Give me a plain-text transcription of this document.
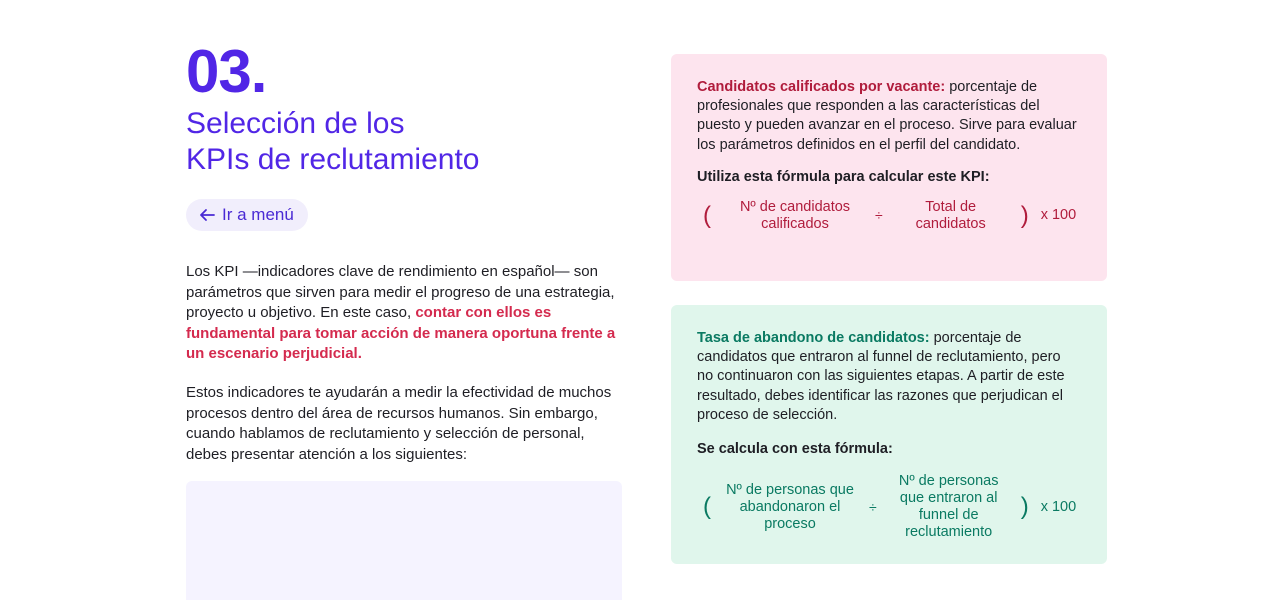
03.
Selección de los
KPIs de reclutamiento
Ir a menú

Los KPI —indicadores clave de rendimiento en español— son parámetros que sirven para medir el progreso de una estrategia, proyecto u objetivo. En este caso, contar con ellos es fundamental para tomar acción de manera oportuna frente a un escenario perjudicial.

Estos indicadores te ayudarán a medir la efectividad de muchos procesos dentro del área de recursos humanos. Sin embargo, cuando hablamos de reclutamiento y selección de personal, debes presentar atención a los siguientes:

Candidatos calificados por vacante: porcentaje de profesionales que responden a las características del puesto y pueden avanzar en el proceso. Sirve para evaluar los parámetros definidos en el perfil del candidato.

Utiliza esta fórmula para calcular este KPI:

(	Nº de candidatos calificados
÷
Total de candidatos	) x 100

Tasa de abandono de candidatos: porcentaje de candidatos que entraron al funnel de reclutamiento, pero no continuaron con las siguientes etapas. A partir de este resultado, debes identificar las razones que perjudican el proceso de selección.

Se calcula con esta fórmula:

(
Nº de personas que abandonaron el proceso
÷
Nº de personas que entraron al funnel de reclutamiento
) x 100
